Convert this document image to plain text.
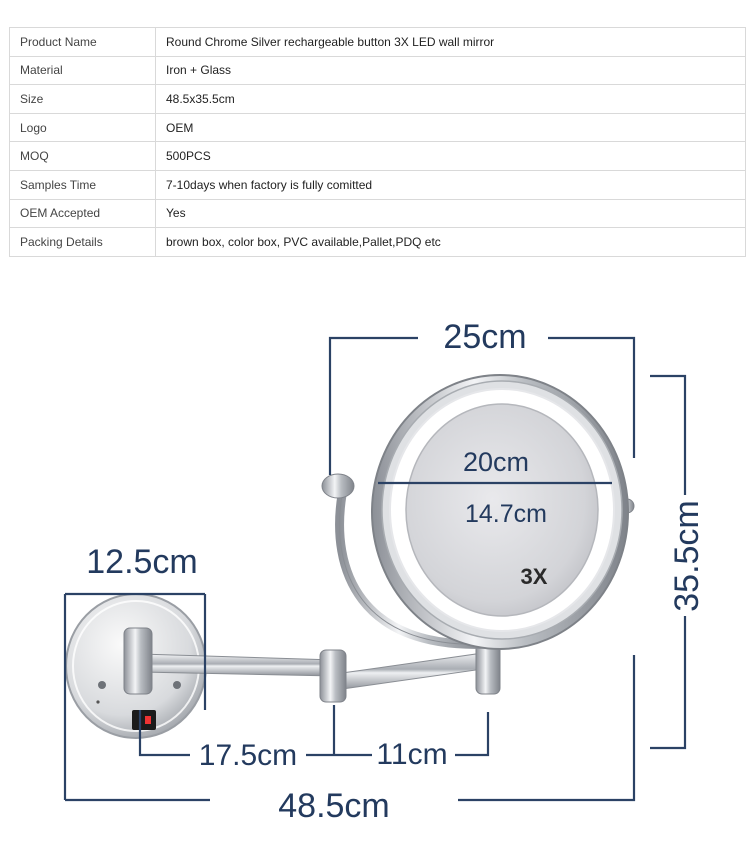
Product Name	Round Chrome Silver rechargeable button 3X LED wall mirror
Material	Iron + Glass
Size	48.5x35.5cm
Logo	OEM
MOQ	500PCS
Samples Time	7-10days when factory is fully comitted
OEM Accepted	Yes
Packing Details	brown box, color box, PVC available,Pallet,PDQ etc
25cm
35.5cm
20cm
14.7cm
3X
12.5cm
17.5cm	11cm
48.5cm
